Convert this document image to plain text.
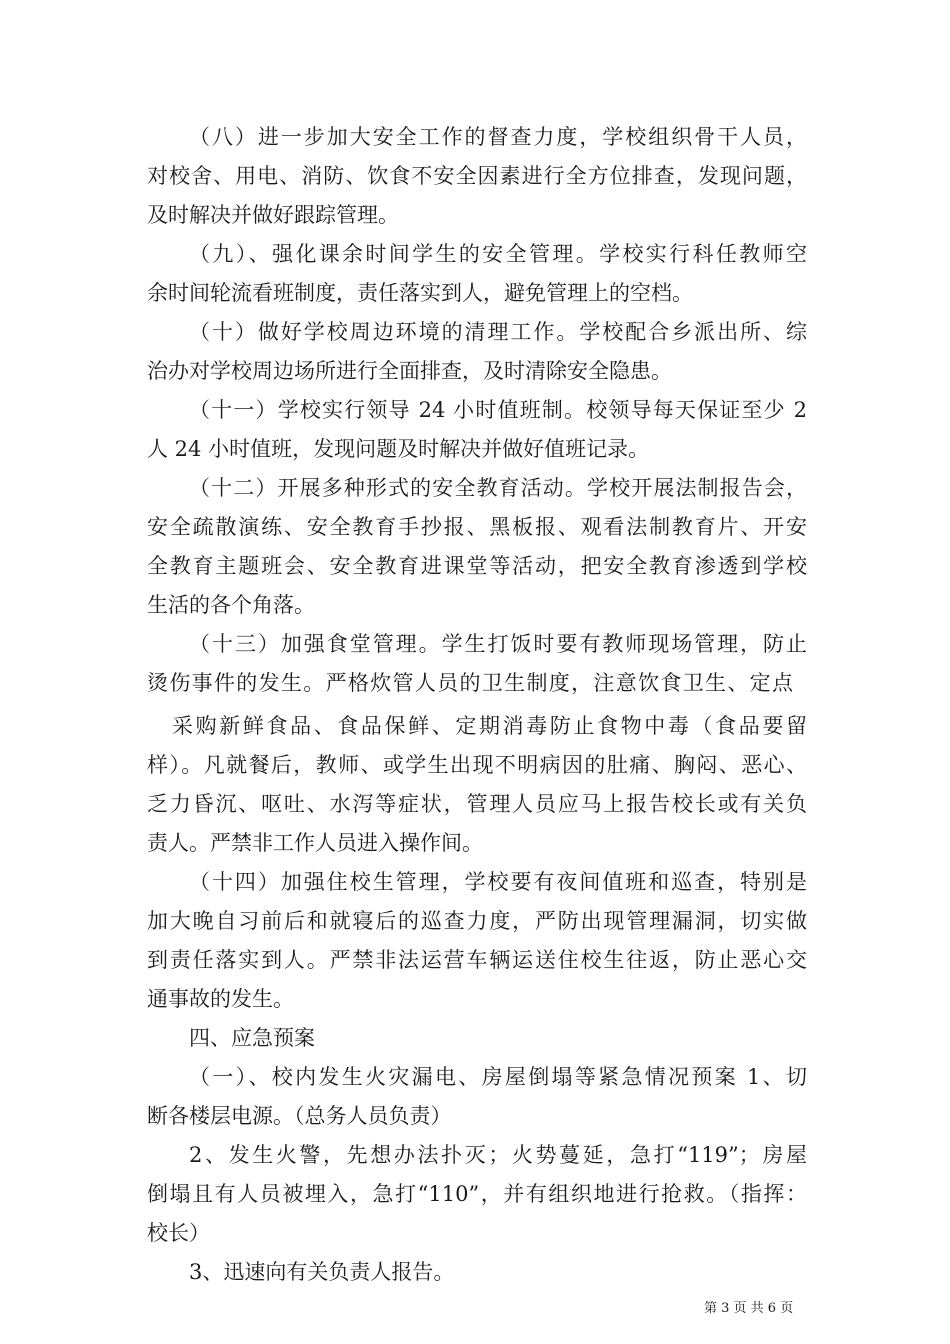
（八）进一步加大安全工作的督查力度，学校组织骨干人员，
对校舍、用电、消防、饮食不安全因素进行全方位排查，发现问题，
及时解决并做好跟踪管理。
（九）、强化课余时间学生的安全管理。学校实行科任教师空
余时间轮流看班制度，责任落实到人，避免管理上的空档。
（十）做好学校周边环境的清理工作。学校配合乡派出所、综
治办对学校周边场所进行全面排查，及时清除安全隐患。
（十一）学校实行领导 24 小时值班制。校领导每天保证至少 2
人 24 小时值班，发现问题及时解决并做好值班记录。
（十二）开展多种形式的安全教育活动。学校开展法制报告会，
安全疏散演练、安全教育手抄报、黑板报、观看法制教育片、开安
全教育主题班会、安全教育进课堂等活动，把安全教育渗透到学校
生活的各个角落。
（十三）加强食堂管理。学生打饭时要有教师现场管理，防止
烫伤事件的发生。严格炊管人员的卫生制度，注意饮食卫生、定点
采购新鲜食品、食品保鲜、定期消毒防止食物中毒（食品要留
样）。凡就餐后，教师、或学生出现不明病因的肚痛、胸闷、恶心、
乏力昏沉、呕吐、水泻等症状，管理人员应马上报告校长或有关负
责人。严禁非工作人员进入操作间。
（十四）加强住校生管理，学校要有夜间值班和巡查，特别是
加大晚自习前后和就寝后的巡查力度，严防出现管理漏洞，切实做
到责任落实到人。严禁非法运营车辆运送住校生往返，防止恶心交
通事故的发生。
四、应急预案
（一）、校内发生火灾漏电、房屋倒塌等紧急情况预案 1、切
断各楼层电源。（总务人员负责）
2、发生火警，先想办法扑灭；火势蔓延，急打“119”；房屋
倒塌且有人员被埋入，急打“110”，并有组织地进行抢救。（指挥：
校长）
3、迅速向有关负责人报告。
第 3 页 共 6 页
